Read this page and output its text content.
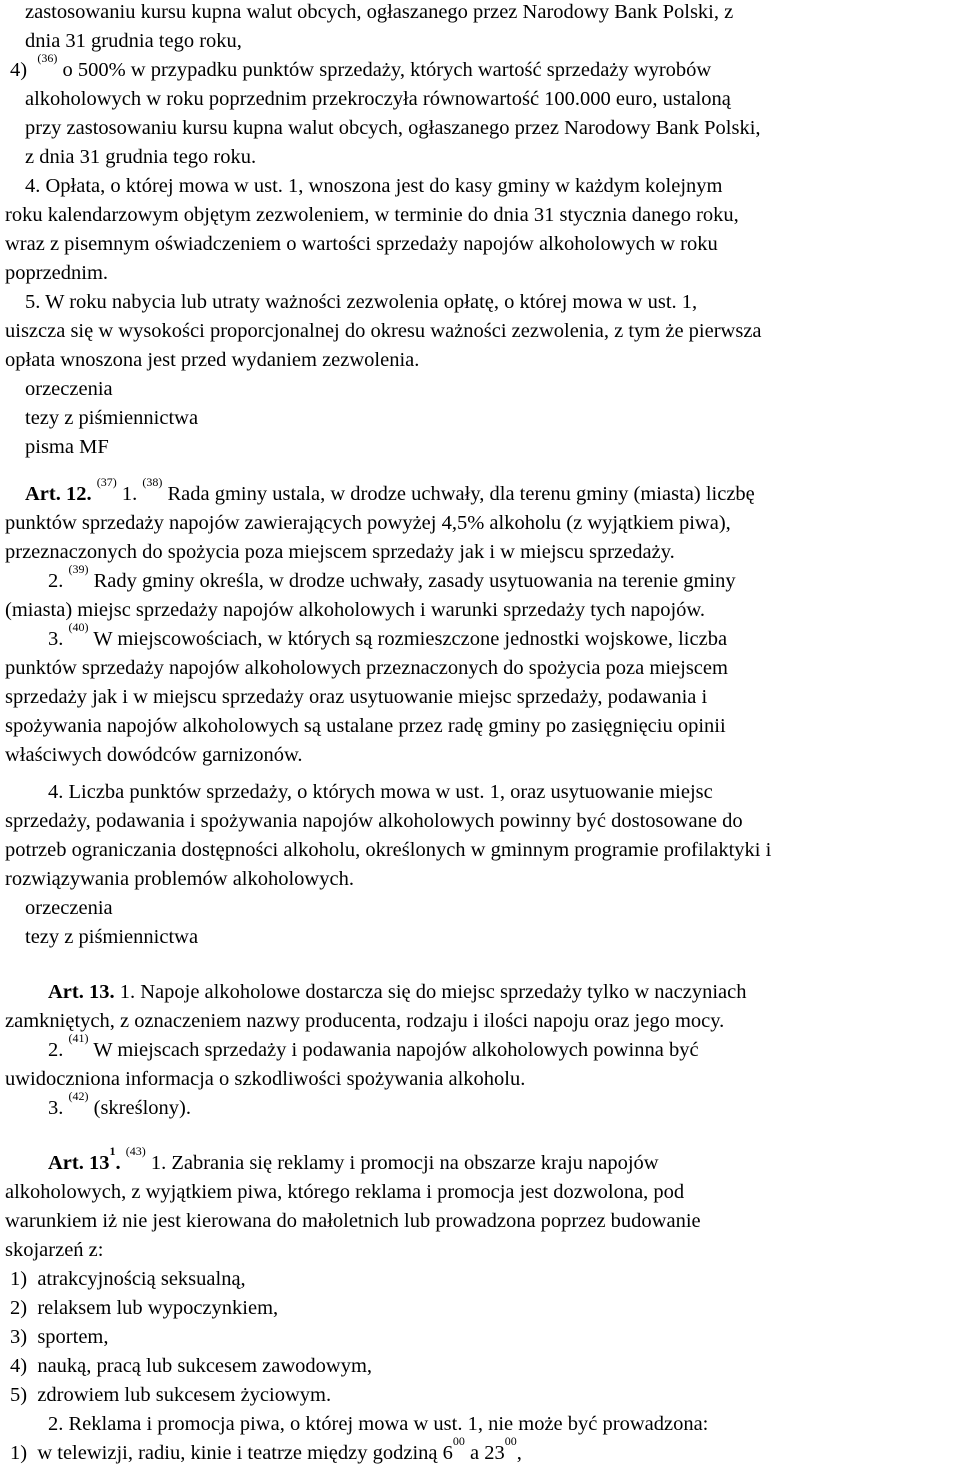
zastosowaniu kursu kupna walut obcych, ogłaszanego przez Narodowy Bank Polski, z

dnia 31 grudnia tego roku,

4)  $^{(36)}$ o 500% w przypadku punktów sprzedaży, których wartość sprzedaży wyrobów

alkoholowych w roku poprzednim przekroczyła równowartość 100.000 euro, ustaloną

przy zastosowaniu kursu kupna walut obcych, ogłaszanego przez Narodowy Bank Polski,

z dnia 31 grudnia tego roku.

4. Opłata, o której mowa w ust. 1, wnoszona jest do kasy gminy w każdym kolejnym

roku kalendarzowym objętym zezwoleniem, w terminie do dnia 31 stycznia danego roku,

wraz z pisemnym oświadczeniem o wartości sprzedaży napojów alkoholowych w roku

poprzednim.

5. W roku nabycia lub utraty ważności zezwolenia opłatę, o której mowa w ust. 1,

uiszcza się w wysokości proporcjonalnej do okresu ważności zezwolenia, z tym że pierwsza

opłata wnoszona jest przed wydaniem zezwolenia.

orzeczenia

tezy z piśmiennictwa

pisma MF

Art. 12. $^{(37)}$ 1. $^{(38)}$ Rada gminy ustala, w drodze uchwały, dla terenu gminy (miasta) liczbę

punktów sprzedaży napojów zawierających powyżej 4,5% alkoholu (z wyjątkiem piwa),

przeznaczonych do spożycia poza miejscem sprzedaży jak i w miejscu sprzedaży.

2. $^{(39)}$ Rady gminy określa, w drodze uchwały, zasady usytuowania na terenie gminy

(miasta) miejsc sprzedaży napojów alkoholowych i warunki sprzedaży tych napojów.

3. $^{(40)}$ W miejscowościach, w których są rozmieszczone jednostki wojskowe, liczba

punktów sprzedaży napojów alkoholowych przeznaczonych do spożycia poza miejscem

sprzedaży jak i w miejscu sprzedaży oraz usytuowanie miejsc sprzedaży, podawania i

spożywania napojów alkoholowych są ustalane przez radę gminy po zasięgnięciu opinii

właściwych dowódców garnizonów.

4. Liczba punktów sprzedaży, o których mowa w ust. 1, oraz usytuowanie miejsc

sprzedaży, podawania i spożywania napojów alkoholowych powinny być dostosowane do

potrzeb ograniczania dostępności alkoholu, określonych w gminnym programie profilaktyki i

rozwiązywania problemów alkoholowych.

orzeczenia

tezy z piśmiennictwa

Art. 13. 1. Napoje alkoholowe dostarcza się do miejsc sprzedaży tylko w naczyniach

zamkniętych, z oznaczeniem nazwy producenta, rodzaju i ilości napoju oraz jego mocy.

2. $^{(41)}$ W miejscach sprzedaży i podawania napojów alkoholowych powinna być

uwidoczniona informacja o szkodliwości spożywania alkoholu.

3. $^{(42)}$ (skreślony).

Art. $13^1$. $^{(43)}$ 1. Zabrania się reklamy i promocji na obszarze kraju napojów

alkoholowych, z wyjątkiem piwa, którego reklama i promocja jest dozwolona, pod

warunkiem iż nie jest kierowana do małoletnich lub prowadzona poprzez budowanie

skojarzeń z:

1) atrakcyjnością seksualną,

2) relaksem lub wypoczynkiem,

3) sportem,

4) nauką, pracą lub sukcesem zawodowym,

5) zdrowiem lub sukcesem życiowym.

2. Reklama i promocja piwa, o której mowa w ust. 1, nie może być prowadzona:

1) w telewizji, radiu, kinie i teatrze między godziną $6^{00}$ a $23^{00}$,
